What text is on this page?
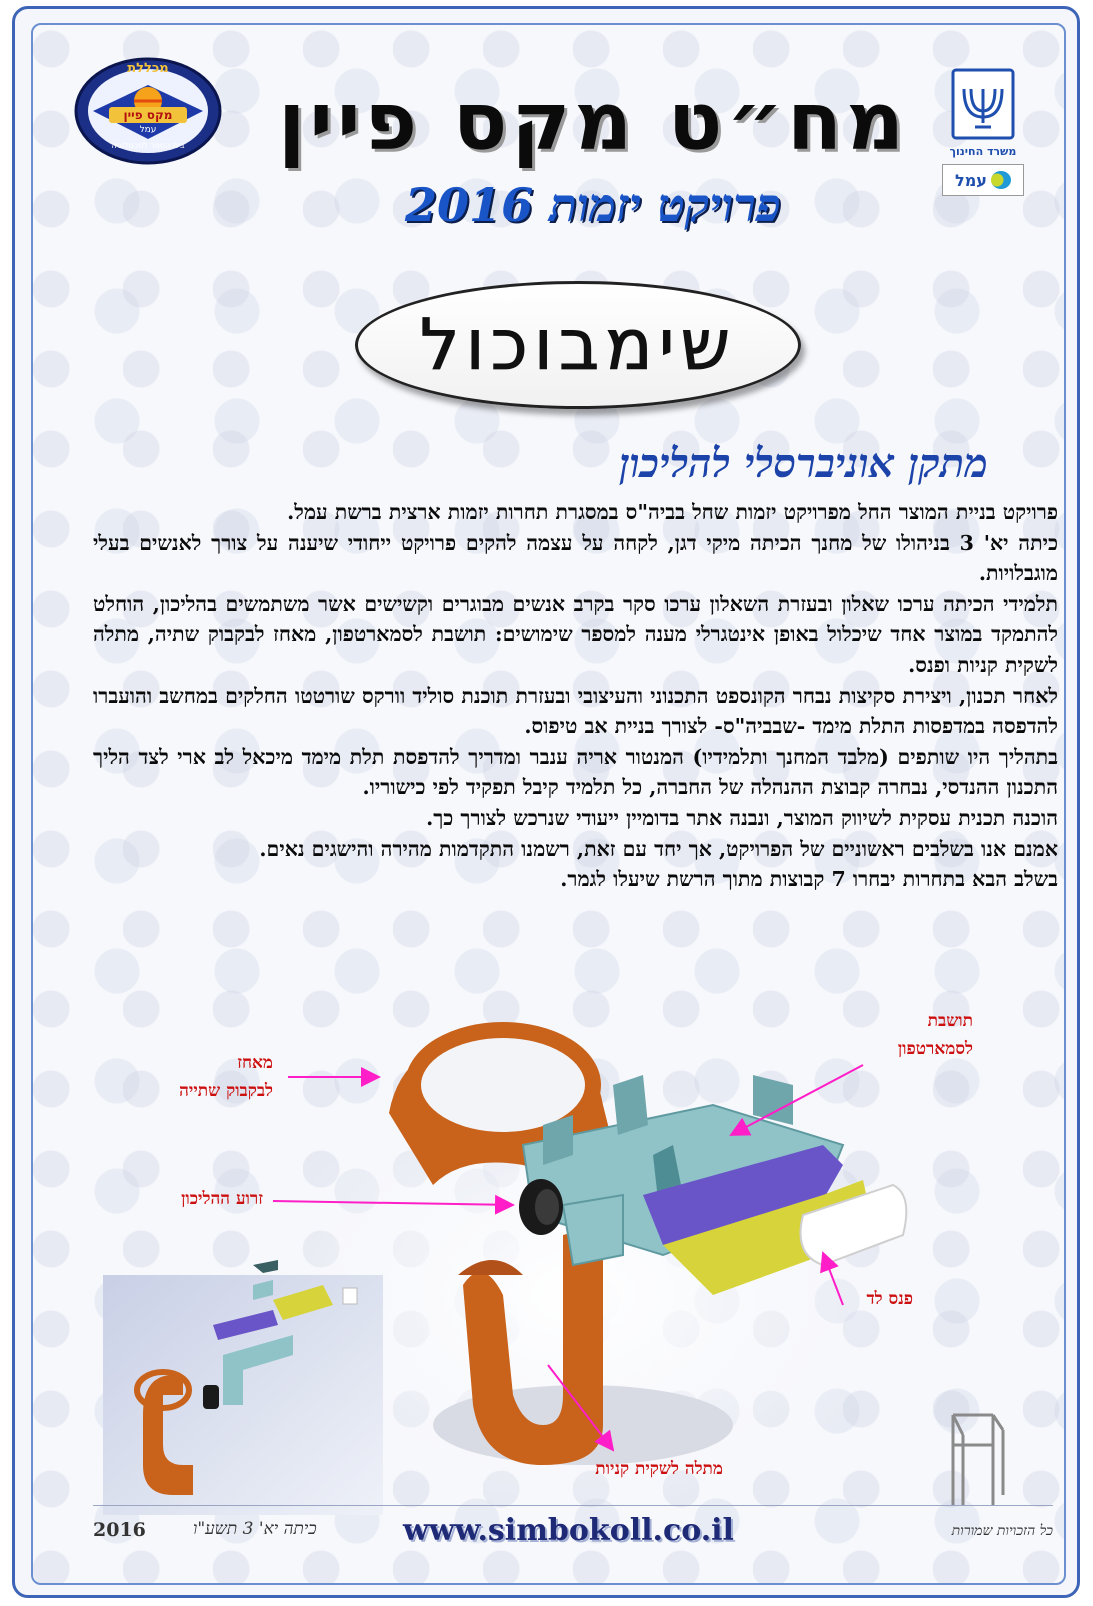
מכללת
מקס פיין
עמל
בית הספר לטכנולוגיה	משרד החינוך
עמל
מח״ט מקס פיין
פרויקט יזמות 2016
שימבוכול
מתקן אוניברסלי להליכון

פרויקט בניית המוצר החל מפרויקט יזמות שחל בביה"ס במסגרת תחרות יזמות ארצית ברשת עמל.

כיתה יא' 3 בניהולו של מחנך הכיתה מיקי דגן, לקחה על עצמה להקים פרויקט ייחודי שיענה על צורך לאנשים בעלי מוגבלויות.

תלמידי הכיתה ערכו שאלון ובעזרת השאלון ערכו סקר בקרב אנשים מבוגרים וקשישים אשר משתמשים בהליכון, הוחלט להתמקד במוצר אחד שיכלול באופן אינטגרלי מענה למספר שימושים: תושבת לסמארטפון, מאחז לבקבוק שתיה, מתלה לשקית קניות ופנס.

לאחר תכנון, ויצירת סקיצות נבחר הקונספט התכנוני והעיצובי ובעזרת תוכנת סוליד וורקס שורטטו החלקים במחשב והועברו להדפסה במדפסות התלת מימד -שבביה"ס- לצורך בניית אב טיפוס.

בתהליך היו שותפים (מלבד המחנך ותלמידיו) המנטור אריה ענבר ומדריך להדפסת תלת מימד מיכאל לב ארי לצד הליך התכנון ההנדסי, נבחרה קבוצת ההנהלה של החברה, כל תלמיד קיבל תפקיד לפי כישוריו.

הוכנה תכנית עסקית לשיווק המוצר, ונבנה אתר בדומיין ייעודי שנרכש לצורך כך.

אמנם אנו בשלבים ראשוניים של הפרויקט, אך יחד עם זאת, רשמנו התקדמות מהירה והישגים נאים.

בשלב הבא בתחרות יבחרו 7 קבוצות מתוך הרשת שיעלו לגמר.

מאחז
לבקבוק שתייה
תושבת
לסמארטפון
זרוע ההליכון
פנס לד
מתלה לשקית קניות
2016	כיתה יא' 3 תשע"ו	www.simbokoll.co.il	כל הזכויות שמורות
